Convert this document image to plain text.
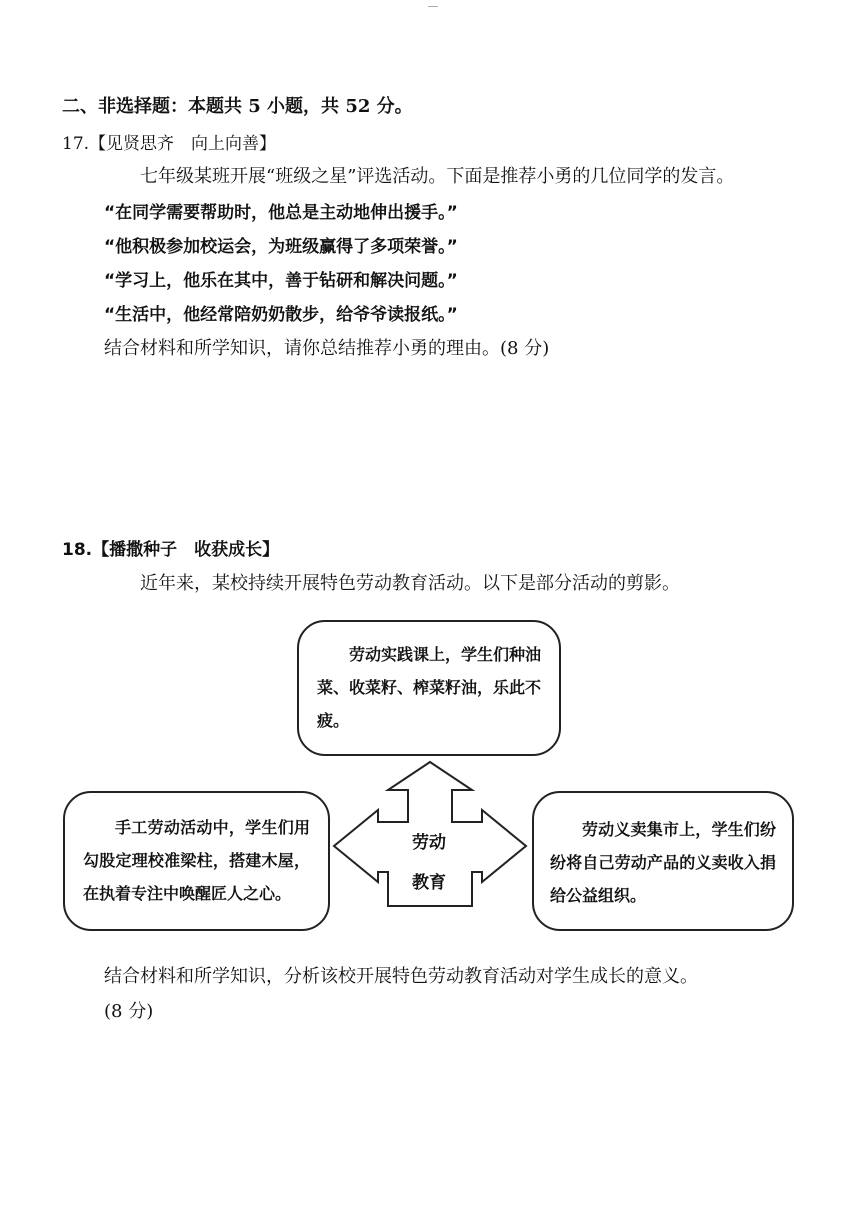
二、非选择题：本题共 5 小题，共 52 分。
17.【见贤思齐　向上向善】
七年级某班开展“班级之星”评选活动。下面是推荐小勇的几位同学的发言。
“在同学需要帮助时，他总是主动地伸出援手。”
“他积极参加校运会，为班级赢得了多项荣誉。”
“学习上，他乐在其中，善于钻研和解决问题。”
“生活中，他经常陪奶奶散步，给爷爷读报纸。”
结合材料和所学知识，请你总结推荐小勇的理由。(8 分)
18.【播撒种子　收获成长】
近年来，某校持续开展特色劳动教育活动。以下是部分活动的剪影。
劳动实践课上，学生们种油菜、收菜籽、榨菜籽油，乐此不疲。
手工劳动活动中，学生们用勾股定理校准梁柱，搭建木屋，在执着专注中唤醒匠人之心。
劳动义卖集市上，学生们纷纷将自己劳动产品的义卖收入捐给公益组织。
劳动
教育
结合材料和所学知识，分析该校开展特色劳动教育活动对学生成长的意义。
(8 分)
